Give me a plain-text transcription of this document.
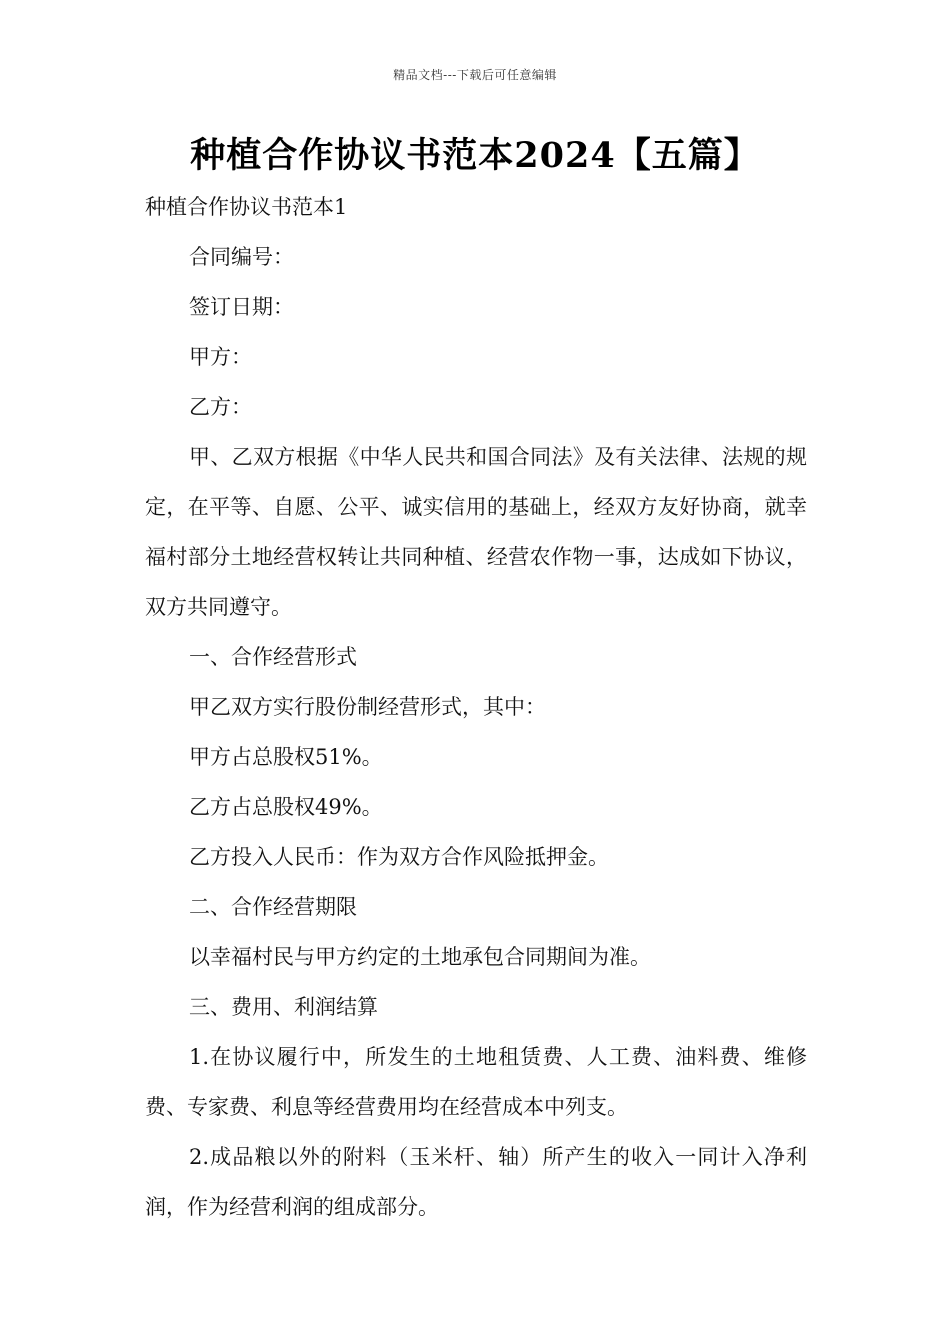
精品文档---下载后可任意编辑
种植合作协议书范本2024【五篇】

种植合作协议书范本1

合同编号：

签订日期：

甲方：

乙方：

甲、乙双方根据《中华人民共和国合同法》及有关法律、法规的规定，在平等、自愿、公平、诚实信用的基础上，经双方友好协商，就幸福村部分土地经营权转让共同种植、经营农作物一事，达成如下协议，双方共同遵守。

一、合作经营形式

甲乙双方实行股份制经营形式，其中：

甲方占总股权51%。

乙方占总股权49%。

乙方投入人民币：作为双方合作风险抵押金。

二、合作经营期限

以幸福村民与甲方约定的土地承包合同期间为准。

三、费用、利润结算

1.在协议履行中，所发生的土地租赁费、人工费、油料费、维修费、专家费、利息等经营费用均在经营成本中列支。

2.成品粮以外的附料（玉米杆、轴）所产生的收入一同计入净利润，作为经营利润的组成部分。
